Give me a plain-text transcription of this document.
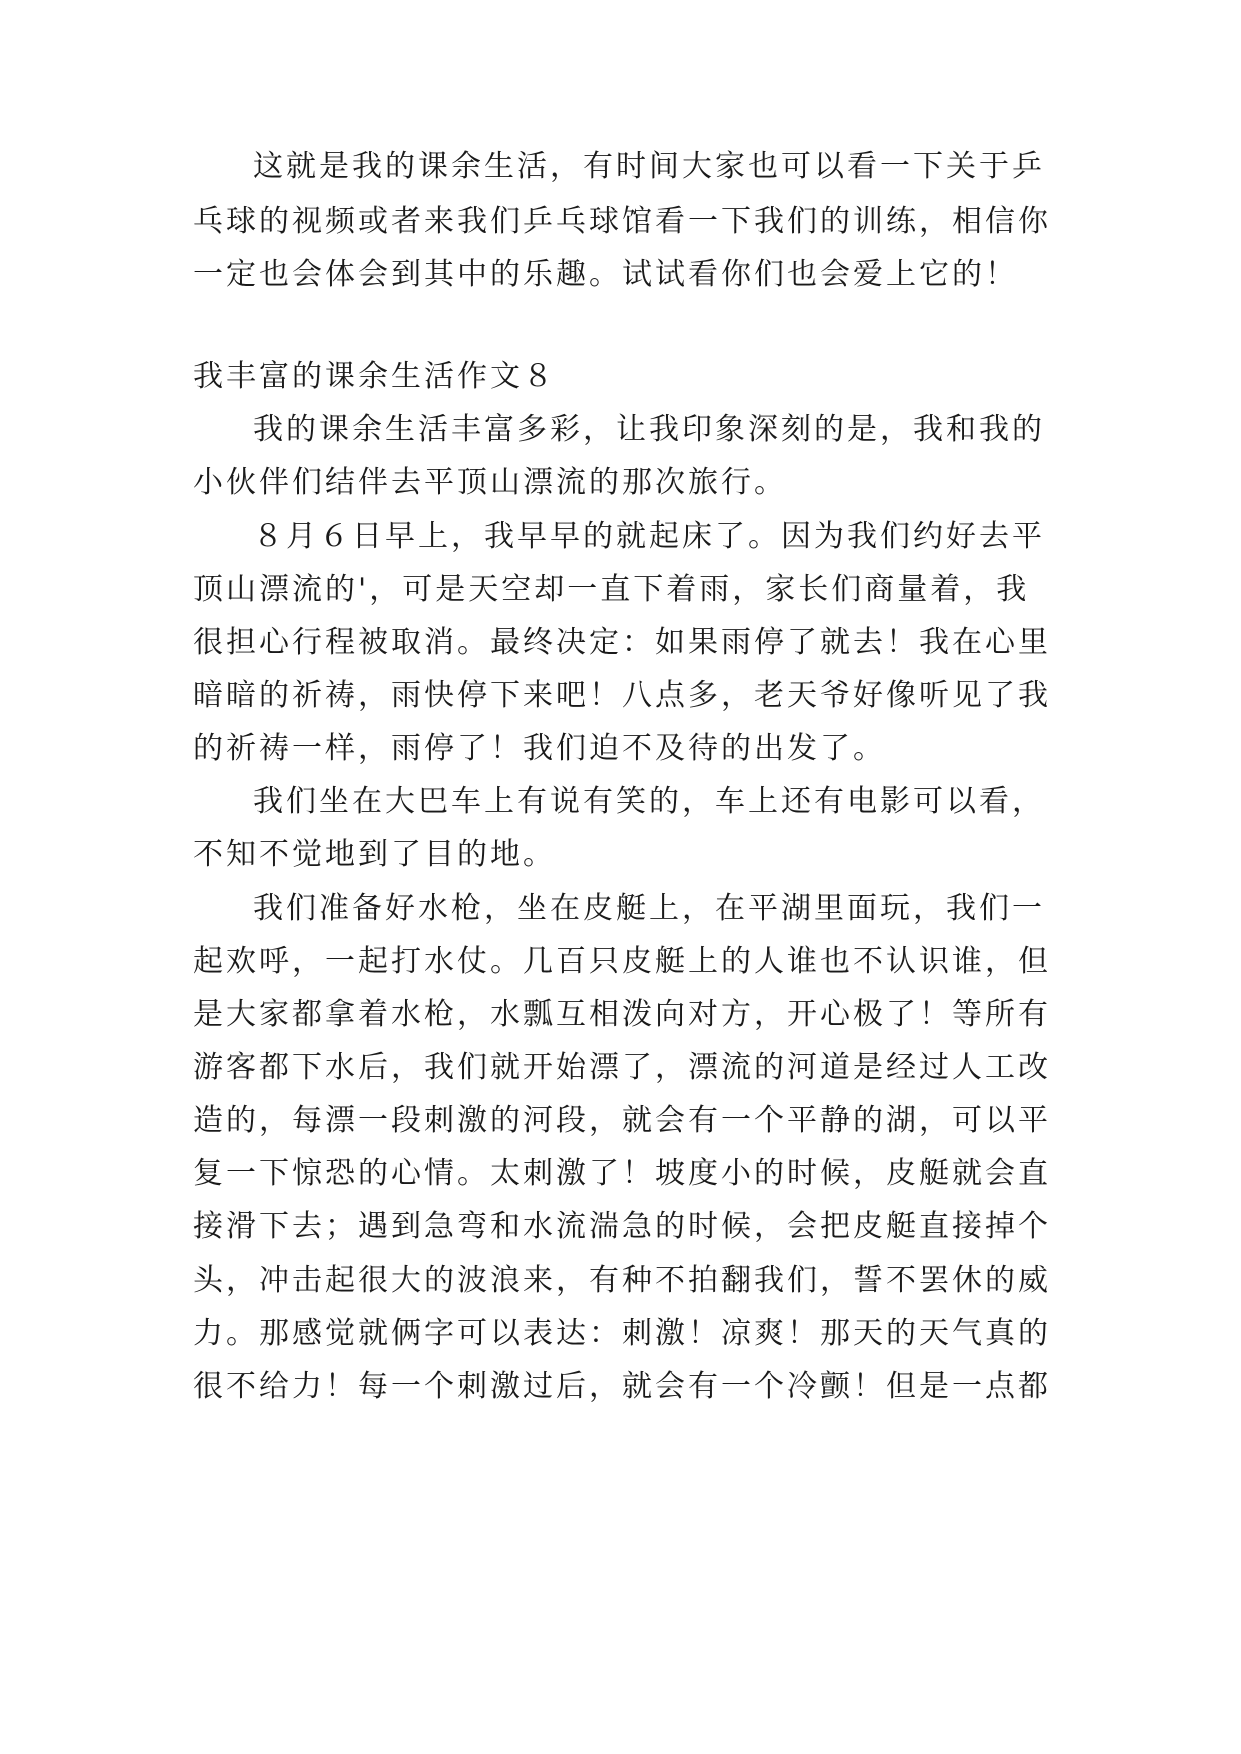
这就是我的课余生活，有时间大家也可以看一下关于乒
乓球的视频或者来我们乒乓球馆看一下我们的训练，相信你
一定也会体会到其中的乐趣。试试看你们也会爱上它的！
我丰富的课余生活作文８
我的课余生活丰富多彩，让我印象深刻的是，我和我的
小伙伴们结伴去平顶山漂流的那次旅行。
８月６日早上，我早早的就起床了。因为我们约好去平
顶山漂流的'，可是天空却一直下着雨，家长们商量着，我
很担心行程被取消。最终决定：如果雨停了就去！我在心里
暗暗的祈祷，雨快停下来吧！八点多，老天爷好像听见了我
的祈祷一样，雨停了！我们迫不及待的出发了。
我们坐在大巴车上有说有笑的，车上还有电影可以看，
不知不觉地到了目的地。
我们准备好水枪，坐在皮艇上，在平湖里面玩，我们一
起欢呼，一起打水仗。几百只皮艇上的人谁也不认识谁，但
是大家都拿着水枪，水瓢互相泼向对方，开心极了！等所有
游客都下水后，我们就开始漂了，漂流的河道是经过人工改
造的，每漂一段刺激的河段，就会有一个平静的湖，可以平
复一下惊恐的心情。太刺激了！坡度小的时候，皮艇就会直
接滑下去；遇到急弯和水流湍急的时候，会把皮艇直接掉个
头，冲击起很大的波浪来，有种不拍翻我们，誓不罢休的威
力。那感觉就俩字可以表达：刺激！凉爽！那天的天气真的
很不给力！每一个刺激过后，就会有一个冷颤！但是一点都
